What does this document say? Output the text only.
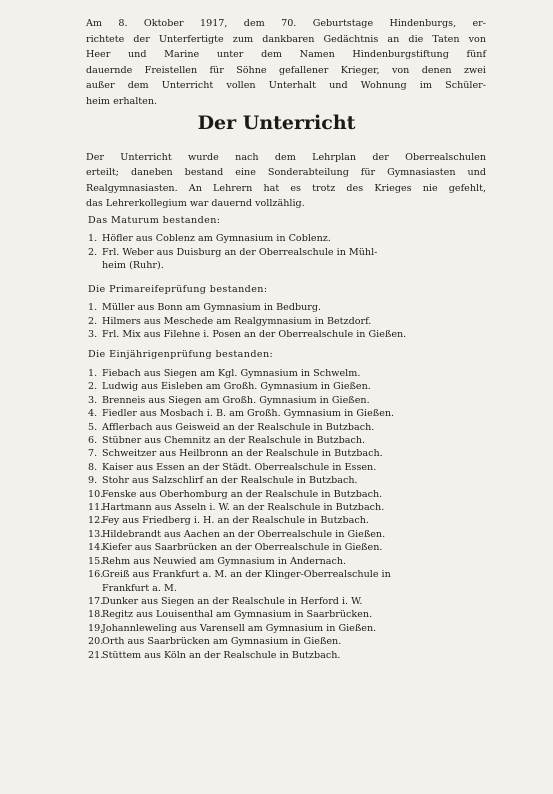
Am 8. Oktober 1917, dem 70. Geburtstage Hindenburgs, er-
richtete der Unterfertigte zum dankbaren Gedächtnis an die Taten von
Heer und Marine unter dem Namen Hindenburgstiftung fünf
dauernde Freistellen für Söhne gefallener Krieger, von denen zwei
außer dem Unterricht vollen Unterhalt und Wohnung im Schüler-
heim erhalten.
Der Unterricht
Der Unterricht wurde nach dem Lehrplan der Oberrealschulen
erteilt; daneben bestand eine Sonderabteilung für Gymnasiasten und
Realgymnasiasten. An Lehrern hat es trotz des Krieges nie gefehlt,
das Lehrerkollegium war dauernd vollzählig.
Das Maturum bestanden:
1. Höfler aus Coblenz am Gymnasium in Coblenz.
2. Frl. Weber aus Duisburg an der Oberrealschule in Mühl-
heim (Ruhr).
Die Primareifeprüfung bestanden:
1. Müller aus Bonn am Gymnasium in Bedburg.
2. Hilmers aus Meschede am Realgymnasium in Betzdorf.
3. Frl. Mix aus Filehne i. Posen an der Oberrealschule in Gießen.
Die Einjährigenprüfung bestanden:
1. Fiebach aus Siegen am Kgl. Gymnasium in Schwelm.
2. Ludwig aus Eisleben am Großh. Gymnasium in Gießen.
3. Brenneis aus Siegen am Großh. Gymnasium in Gießen.
4. Fiedler aus Mosbach i. B. am Großh. Gymnasium in Gießen.
5. Afflerbach aus Geisweid an der Realschule in Butzbach.
6. Stübner aus Chemnitz an der Realschule in Butzbach.
7. Schweitzer aus Heilbronn an der Realschule in Butzbach.
8. Kaiser aus Essen an der Städt. Oberrealschule in Essen.
9. Stohr aus Salzschlirf an der Realschule in Butzbach.
10.
Fenske aus Oberhomburg an der Realschule in Butzbach.
11.
Hartmann aus Asseln i. W. an der Realschule in Butzbach.
12.
Fey aus Friedberg i. H. an der Realschule in Butzbach.
13.
Hildebrandt aus Aachen an der Oberrealschule in Gießen.
14.
Kiefer aus Saarbrücken an der Oberrealschule in Gießen.
15.
Rehm aus Neuwied am Gymnasium in Andernach.
16.
Greiß aus Frankfurt a. M. an der Klinger-Oberrealschule in
Frankfurt a. M.
17.
Dunker aus Siegen an der Realschule in Herford i. W.
18.
Regitz aus Louisenthal am Gymnasium in Saarbrücken.
19.
Johannleweling aus Varensell am Gymnasium in Gießen.
20.
Orth aus Saarbrücken am Gymnasium in Gießen.
21.
Stüttem aus Köln an der Realschule in Butzbach.
